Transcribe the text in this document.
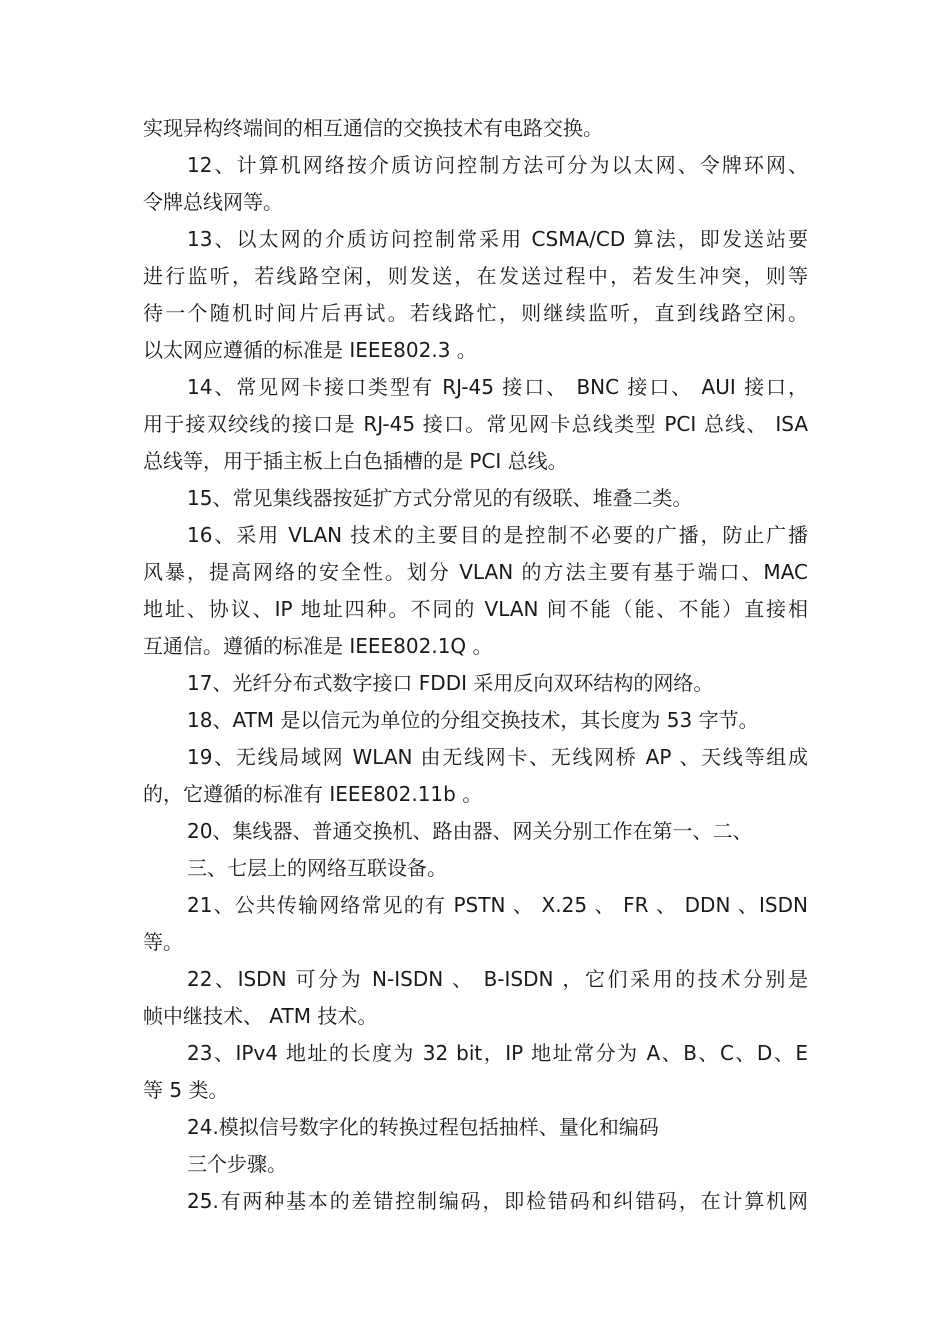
实现异构终端间的相互通信的交换技术有电路交换。
12、计算机网络按介质访问控制方法可分为以太网、令牌环网、
令牌总线网等。
13、以太网的介质访问控制常采用 CSMA/CD 算法，即发送站要
进行监听，若线路空闲，则发送，在发送过程中，若发生冲突，则等
待一个随机时间片后再试。若线路忙，则继续监听，直到线路空闲。
以太网应遵循的标准是 IEEE802.3 。
14、常见网卡接口类型有 RJ-45 接口、 BNC 接口、 AUI 接口，
用于接双绞线的接口是 RJ-45 接口。常见网卡总线类型 PCI 总线、 ISA
总线等，用于插主板上白色插槽的是 PCI 总线。
15、常见集线器按延扩方式分常见的有级联、堆叠二类。
16、采用 VLAN 技术的主要目的是控制不必要的广播，防止广播
风暴，提高网络的安全性。划分 VLAN 的方法主要有基于端口、MAC
地址、协议、IP 地址四种。不同的 VLAN 间不能（能、不能）直接相
互通信。遵循的标准是 IEEE802.1Q 。
17、光纤分布式数字接口 FDDI 采用反向双环结构的网络。
18、ATM 是以信元为单位的分组交换技术，其长度为 53 字节。
19、无线局域网 WLAN 由无线网卡、无线网桥 AP 、天线等组成
的，它遵循的标准有 IEEE802.11b 。
20、集线器、普通交换机、路由器、网关分别工作在第一、二、
三、七层上的网络互联设备。
21、公共传输网络常见的有 PSTN 、 X.25 、 FR 、 DDN 、ISDN
等。
22、ISDN 可分为 N-ISDN 、 B-ISDN ，它们采用的技术分别是
帧中继技术、 ATM 技术。
23、IPv4 地址的长度为 32 bit，IP 地址常分为 A、B、C、D、E
等 5 类。
24.模拟信号数字化的转换过程包括抽样、量化和编码
三个步骤。
25.有两种基本的差错控制编码，即检错码和纠错码，在计算机网
